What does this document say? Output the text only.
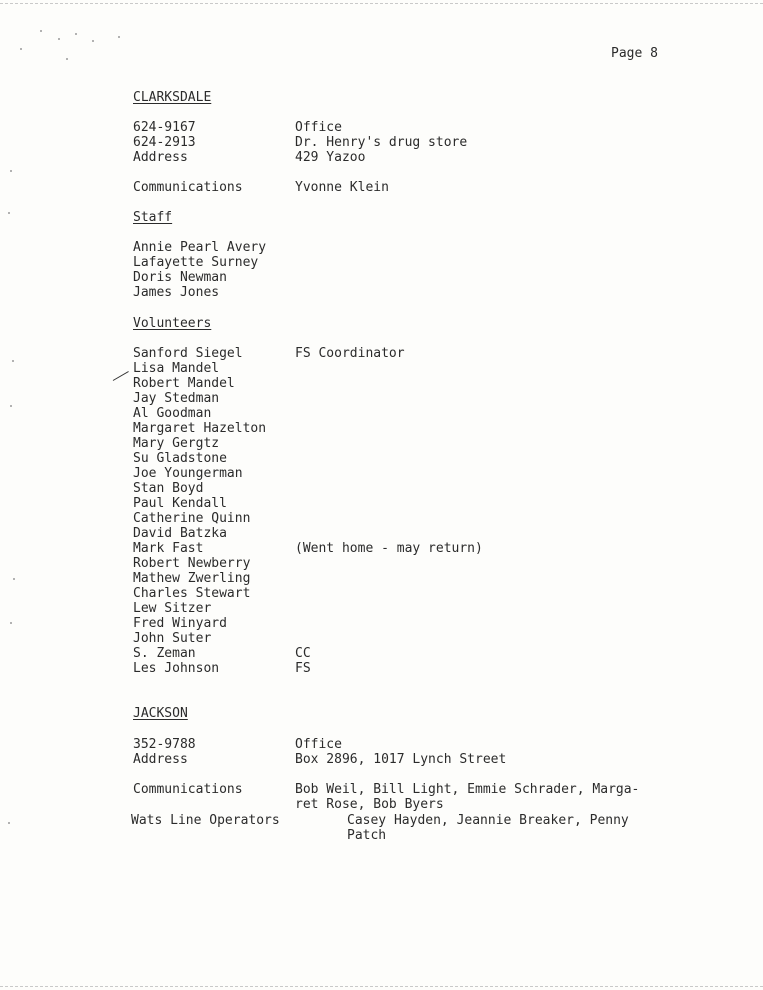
Page 8
CLARKSDALE
624-9167	Office
624-2913	Dr. Henry's drug store
Address	429 Yazoo
Communications	Yvonne Klein
Staff
Annie Pearl Avery
Lafayette Surney
Doris Newman
James Jones
Volunteers
Sanford Siegel	FS Coordinator
Lisa Mandel
Robert Mandel
Jay Stedman
Al Goodman
Margaret Hazelton
Mary Gergtz
Su Gladstone
Joe Youngerman
Stan Boyd
Paul Kendall
Catherine Quinn
David Batzka
Mark Fast	(Went home - may return)
Robert Newberry
Mathew Zwerling
Charles Stewart
Lew Sitzer
Fred Winyard
John Suter
S. Zeman	CC
Les Johnson	FS
JACKSON
352-9788	Office
Address	Box 2896, 1017 Lynch Street
Communications	Bob Weil, Bill Light, Emmie Schrader, Marga-
ret Rose, Bob Byers
Wats Line Operators	Casey Hayden, Jeannie Breaker, Penny
Patch
